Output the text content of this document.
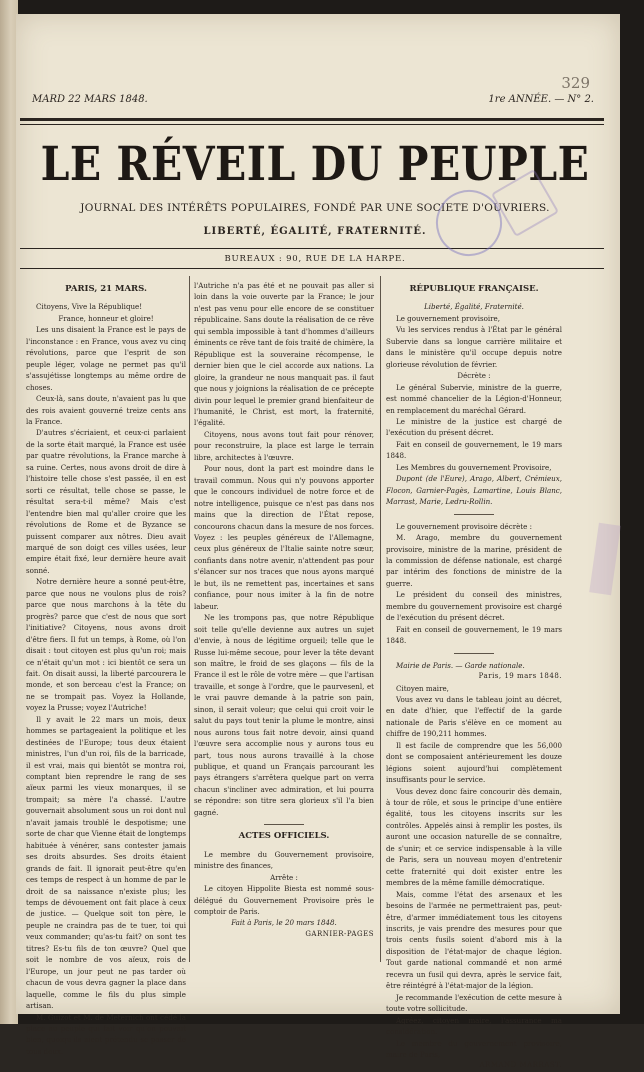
329
MARD 22 MARS 1848.	1re ANNÉE. — N° 2.
LE RÉVEIL DU PEUPLE
JOURNAL DES INTÉRÊTS POPULAIRES, FONDÉ PAR UNE SOCIETE D'OUVRIERS.
LIBERTÉ, ÉGALITÉ, FRATERNITÉ.
BUREAUX : 90, RUE DE LA HARPE.

PARIS, 21 MARS.

Citoyens, Vive la République!

France, honneur et gloire!

Les uns disaient la France est le pays de l'inconstance : en France, vous avez vu cinq révolutions, parce que l'esprit de son peuple léger, volage ne permet pas qu'il s'assujétisse longtemps au même ordre de choses.

Ceux-là, sans doute, n'avaient pas lu que des rois avaient gouverné treize cents ans la France.

D'autres s'écriaient, et ceux-ci parlaient de la sorte était marqué, la France est usée par quatre révolutions, la France marche à sa ruine. Certes, nous avons droit de dire à l'histoire telle chose s'est passée, il en est sorti ce résultat, telle chose se passe, le résultat sera-t-il même? Mais c'est l'entendre bien mal qu'aller croire que les révolutions de Rome et de Byzance se puissent comparer aux nôtres. Dieu avait marqué de son doigt ces villes usées, leur empire était fixé, leur dernière heure avait sonné.

Notre dernière heure a sonné peut-être, parce que nous ne voulons plus de rois? parce que nous marchons à la tête du progrès? parce que c'est de nous que sort l'initiative? Citoyens, nous avons droit d'être fiers. Il fut un temps, à Rome, où l'on disait : tout citoyen est plus qu'un roi; mais ce n'était qu'un mot : ici bientôt ce sera un fait. On disait aussi, la liberté parcourera le monde, et son berceau c'est la France; on ne se trompait pas. Voyez la Hollande, voyez la Prusse; voyez l'Autriche!

Il y avait le 22 mars un mois, deux hommes se partageaient la politique et les destinées de l'Europe; tous deux étaient ministres, l'un d'un roi, fils de la barricade, il est vrai, mais qui bientôt se montra roi, comptant bien reprendre le rang de ses aïeux parmi les vieux monarques, il se trompait; sa mère l'a chassé. L'autre gouvernait absolument sous un roi dont nul n'avait jamais troublé le despotisme; une sorte de char que Vienne était de longtemps habituée à vénérer, sans contester jamais ses droits absurdes. Ses droits étaient grands de fait. Il ignorait peut-être qu'en ces temps de respect à un homme de par le droit de sa naissance n'existe plus; les temps de dévouement ont fait place à ceux de justice. — Quelque soit ton père, le peuple ne craindra pas de te tuer, toi qui veux commander; qu'as-tu fait? on sont tes titres? Es-tu fils de ton œuvre? Quel que soit le nombre de vos aïeux, rois de l'Europe, un jour peut ne pas tarder où chacun de vous devra gagner la place dans laquelle, comme le fils du plus simple artisan.

M. Guizot et M. de Meternich ont cédé la place au peuple qui fait voir qu'on pouvait bien, quoiqu'ils aient prétendu se passer de tous deux.

l'Autriche n'a pas été et ne pouvait pas aller si loin dans la voie ouverte par la France; le jour n'est pas venu pour elle encore de se constituer républicaine. Sans doute la réalisation de ce rêve qui sembla impossible à tant d'hommes d'ailleurs éminents ce rêve tant de fois traité de chimère, la République est la souveraine récompense, le dernier bien que le ciel accorde aux nations. La gloire, la grandeur ne nous manquait pas. il faut que nous y joignions la réalisation de ce précepte divin pour lequel le premier grand bienfaiteur de l'humanité, le Christ, est mort, la fraternité, l'égalité.

Citoyens, nous avons tout fait pour rénover, pour reconstruire, la place est large le terrain libre, architectes à l'œuvre.

Pour nous, dont la part est moindre dans le travail commun. Nous qui n'y pouvons apporter que le concours individuel de notre force et de notre intelligence, puisque ce n'est pas dans nos mains que la direction de l'État repose, concourons chacun dans la mesure de nos forces. Voyez : les peuples généreux de l'Allemagne, ceux plus généreux de l'Italie sainte notre sœur, confiants dans notre avenir, n'attendent pas pour s'élancer sur nos traces que nous ayons marqué le but, ils ne remettent pas, incertaines et sans confiance, pour nous imiter à la fin de notre labeur.

Ne les trompons pas, que notre République soit telle qu'elle devienne aux autres un sujet d'envie, à nous de légitime orgueil; telle que le Russe lui-même secoue, pour lever la tête devant son maître, le froid de ses glaçons — fils de la France il est le rôle de votre mère — que l'artisan travaille, et songe à l'ordre, que le paurvesenl, et le vrai pauvre demande à la patrie son pain, sinon, il serait voleur; que celui qui croit voir le salut du pays tout tenir la plume le montre, ainsi nous aurons tous fait notre devoir, ainsi quand l'œuvre sera accomplie nous y aurons tous eu part, tous nous aurons travaillé à la chose publique, et quand un Français parcourant les pays étrangers s'arrêtera quelque part on verra chacun s'incliner avec admiration, et lui pourra se répondre: son titre sera glorieux s'il l'a bien gagné.

ACTES OFFICIELS.

Le membre du Gouvernement provisoire, ministre des finances,

Arrête :

Le citoyen Hippolite Biesta est nommé sous-délégué du Gouvernement Provisoire près le comptoir de Paris.

Fait à Paris, le 20 mars 1848.

GARNIER-PAGES

RÉPUBLIQUE FRANÇAISE.

Liberté, Égalité, Fraternité.

Le gouvernement provisoire,

Vu les services rendus à l'État par le général Subervie dans sa longue carrière militaire et dans le ministère qu'il occupe depuis notre glorieuse révolution de février.

Décrète :

Le général Subervie, ministre de la guerre, est nommé chancelier de la Légion-d'Honneur, en remplacement du maréchal Gérard.

Le ministre de la justice est chargé de l'exécution du présent décret.

Fait en conseil de gouvernement, le 19 mars 1848.

Les Membres du gouvernement Provisoire,

Dupont (de l'Eure), Arago, Albert, Crémieux, Flocon, Garnier-Pagès, Lamartine, Louis Blanc, Marrast, Marie, Ledru-Rollin.

Le gouvernement provisoire décrète :

M. Arago, membre du gouvernement provisoire, ministre de la marine, président de la commission de défense nationale, est chargé par intérim des fonctions de ministre de la guerre.

Le président du conseil des ministres, membre du gouvernement provisoire est chargé de l'exécution du présent décret.

Fait en conseil de gouvernement, le 19 mars 1848.

Mairie de Paris. — Garde nationale.

Paris, 19 mars 1848.

Citoyen maire,

Vous avez vu dans le tableau joint au décret, en date d'hier, que l'effectif de la garde nationale de Paris s'élève en ce moment au chiffre de 190,211 hommes.

Il est facile de comprendre que les 56,000 dont se composaient antérieurement les douze légions soient aujourd'hui complètement insuffisants pour le service.

Vous devez donc faire concourir dès demain, à tour de rôle, et sous le principe d'une entière égalité, tous les citoyens inscrits sur les contrôles. Appelés ainsi à remplir les postes, ils auront une occasion naturelle de se connaître, de s'unir; et ce service indispensable à la ville de Paris, sera un nouveau moyen d'entretenir cette fraternité qui doit exister entre les membres de la même famille démocratique.

Mais, comme l'état des arsenaux et les besoins de l'armée ne permettraient pas, peut-être, d'armer immédiatement tous les citoyens inscrits, je vais prendre des mesures pour que trois cents fusils soient d'abord mis à la disposition de l'état-major de chaque légion. Tout garde national commandé et non armé recevra un fusil qui devra, après le service fait, être réintégré à l'état-major de la légion.

Je recommande l'exécution de cette mesure à toute votre sollicitude.

Agréez, citoyen maire, l'assurance ma considération.

Le membre du gouvernement provisoire, maire de Paris,

ARMAND MARRAST.
